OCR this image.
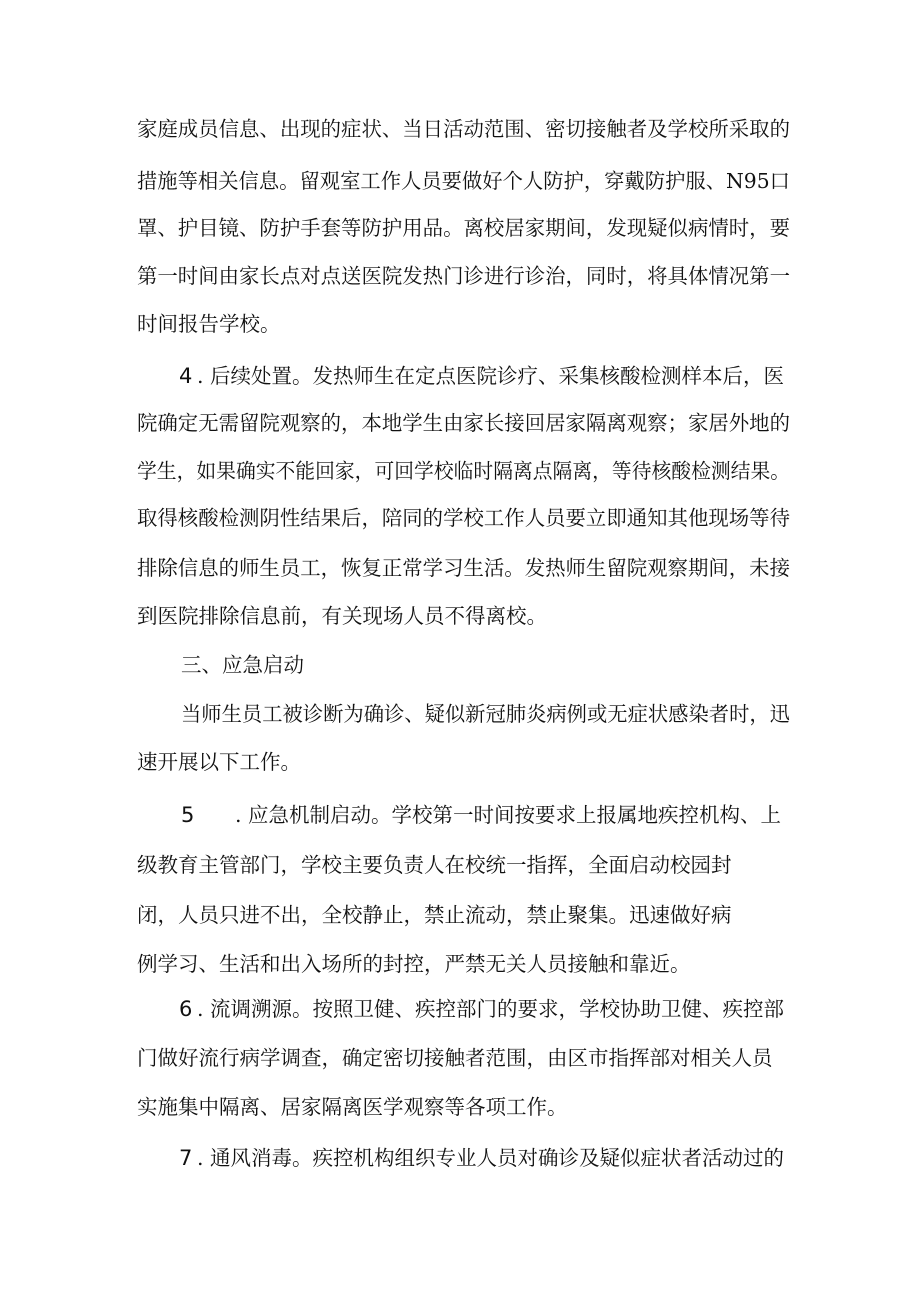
家庭成员信息、出现的症状、当日活动范围、密切接触者及学校所采取的

措施等相关信息。留观室工作人员要做好个人防护，穿戴防护服、N95口

罩、护目镜、防护手套等防护用品。离校居家期间，发现疑似病情时，要

第一时间由家长点对点送医院发热门诊进行诊治，同时，将具体情况第一

时间报告学校。

4 . 后续处置。发热师生在定点医院诊疗、采集核酸检测样本后，医

院确定无需留院观察的，本地学生由家长接回居家隔离观察；家居外地的

学生，如果确实不能回家，可回学校临时隔离点隔离，等待核酸检测结果。

取得核酸检测阴性结果后，陪同的学校工作人员要立即通知其他现场等待

排除信息的师生员工，恢复正常学习生活。发热师生留院观察期间，未接

到医院排除信息前，有关现场人员不得离校。

三、应急启动

当师生员工被诊断为确诊、疑似新冠肺炎病例或无症状感染者时，迅

速开展以下工作。

5 . 应急机制启动。学校第一时间按要求上报属地疾控机构、上

级教育主管部门，学校主要负责人在校统一指挥，全面启动校园封

闭，人员只进不出，全校静止，禁止流动，禁止聚集。迅速做好病

例学习、生活和出入场所的封控，严禁无关人员接触和靠近。

6 . 流调溯源。按照卫健、疾控部门的要求，学校协助卫健、疾控部

门做好流行病学调查，确定密切接触者范围，由区市指挥部对相关人员

实施集中隔离、居家隔离医学观察等各项工作。

7 . 通风消毒。疾控机构组织专业人员对确诊及疑似症状者活动过的
